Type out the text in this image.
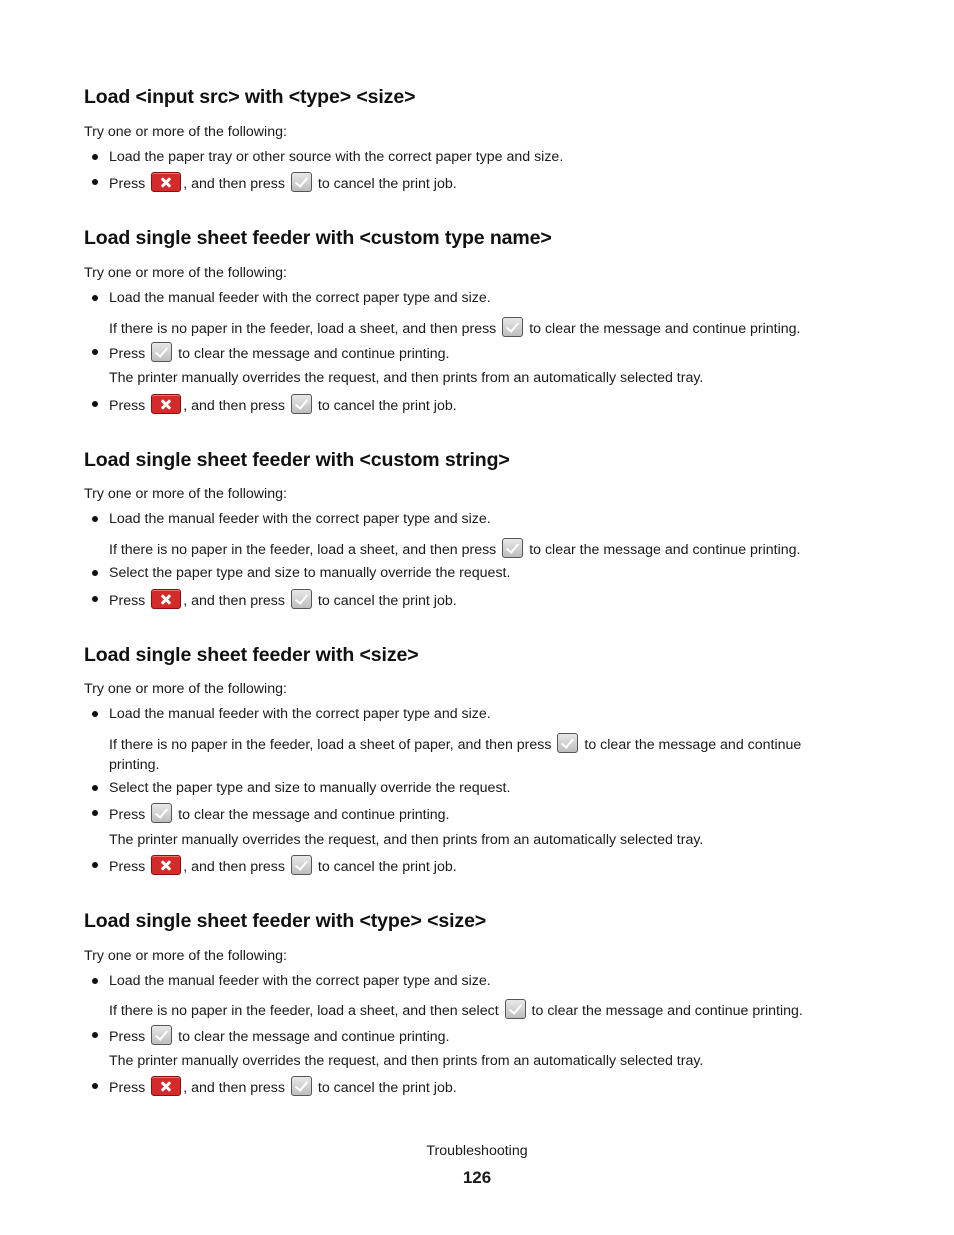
Load <input src> with <type> <size>
Try one or more of the following:
Load the paper tray or other source with the correct paper type and size.
Press	, and then press to cancel the print job.
Load single sheet feeder with <custom type name>
Try one or more of the following:
Load the manual feeder with the correct paper type and size.
If there is no paper in the feeder, load a sheet, and then press to clear the message and continue printing.
Press to clear the message and continue printing.
The printer manually overrides the request, and then prints from an automatically selected tray.
Press	, and then press to cancel the print job.
Load single sheet feeder with <custom string>
Try one or more of the following:
Load the manual feeder with the correct paper type and size.
If there is no paper in the feeder, load a sheet, and then press to clear the message and continue printing.
Select the paper type and size to manually override the request.
Press	, and then press to cancel the print job.
Load single sheet feeder with <size>
Try one or more of the following:
Load the manual feeder with the correct paper type and size.
If there is no paper in the feeder, load a sheet of paper, and then press to clear the message and continue printing.
Select the paper type and size to manually override the request.
Press to clear the message and continue printing.
The printer manually overrides the request, and then prints from an automatically selected tray.
Press	, and then press to cancel the print job.
Load single sheet feeder with <type> <size>
Try one or more of the following:
Load the manual feeder with the correct paper type and size.
If there is no paper in the feeder, load a sheet, and then select to clear the message and continue printing.
Press to clear the message and continue printing.
The printer manually overrides the request, and then prints from an automatically selected tray.
Press	, and then press to cancel the print job.
Troubleshooting
126
